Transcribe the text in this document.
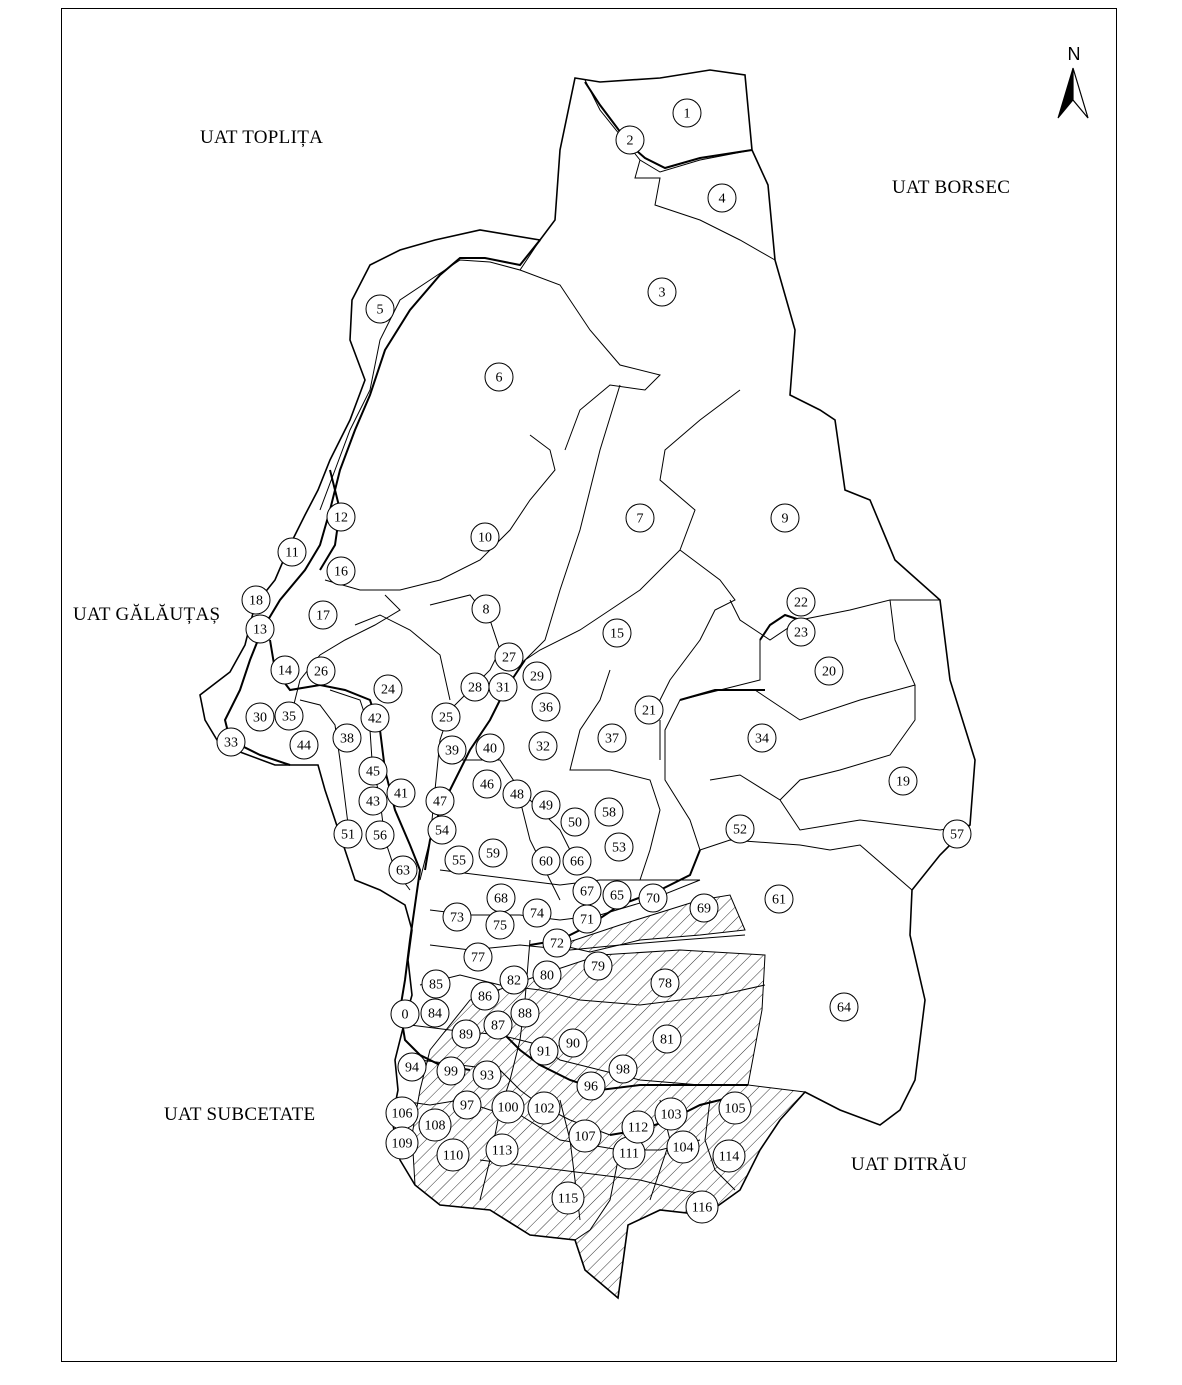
N
UAT TOPLIȚA
UAT BORSEC
UAT GĂLĂUȚAȘ
UAT SUBCETATE
UAT DITRĂU
1
2
3
4
5
6
7
8
9
10
11
12
13
14
15
16
17
18
19
20
21
22
23
24
25
26
27
28
29
30
31
32
33	34
35
36
37
38
39 40
41
42
43
44
45
46
47	48
49
50
51	52
53
54
55
56	57
58
59
60
61
63
64
65
66
67
68
69
70
71
72
73	74
75
77
78
79
80
81
82
84
85
86
87
88
89
90
91
93
94
96
97
98
99
0
100 102	103
104
105
106
107
108
109
110	111
112
113	114
115
116
